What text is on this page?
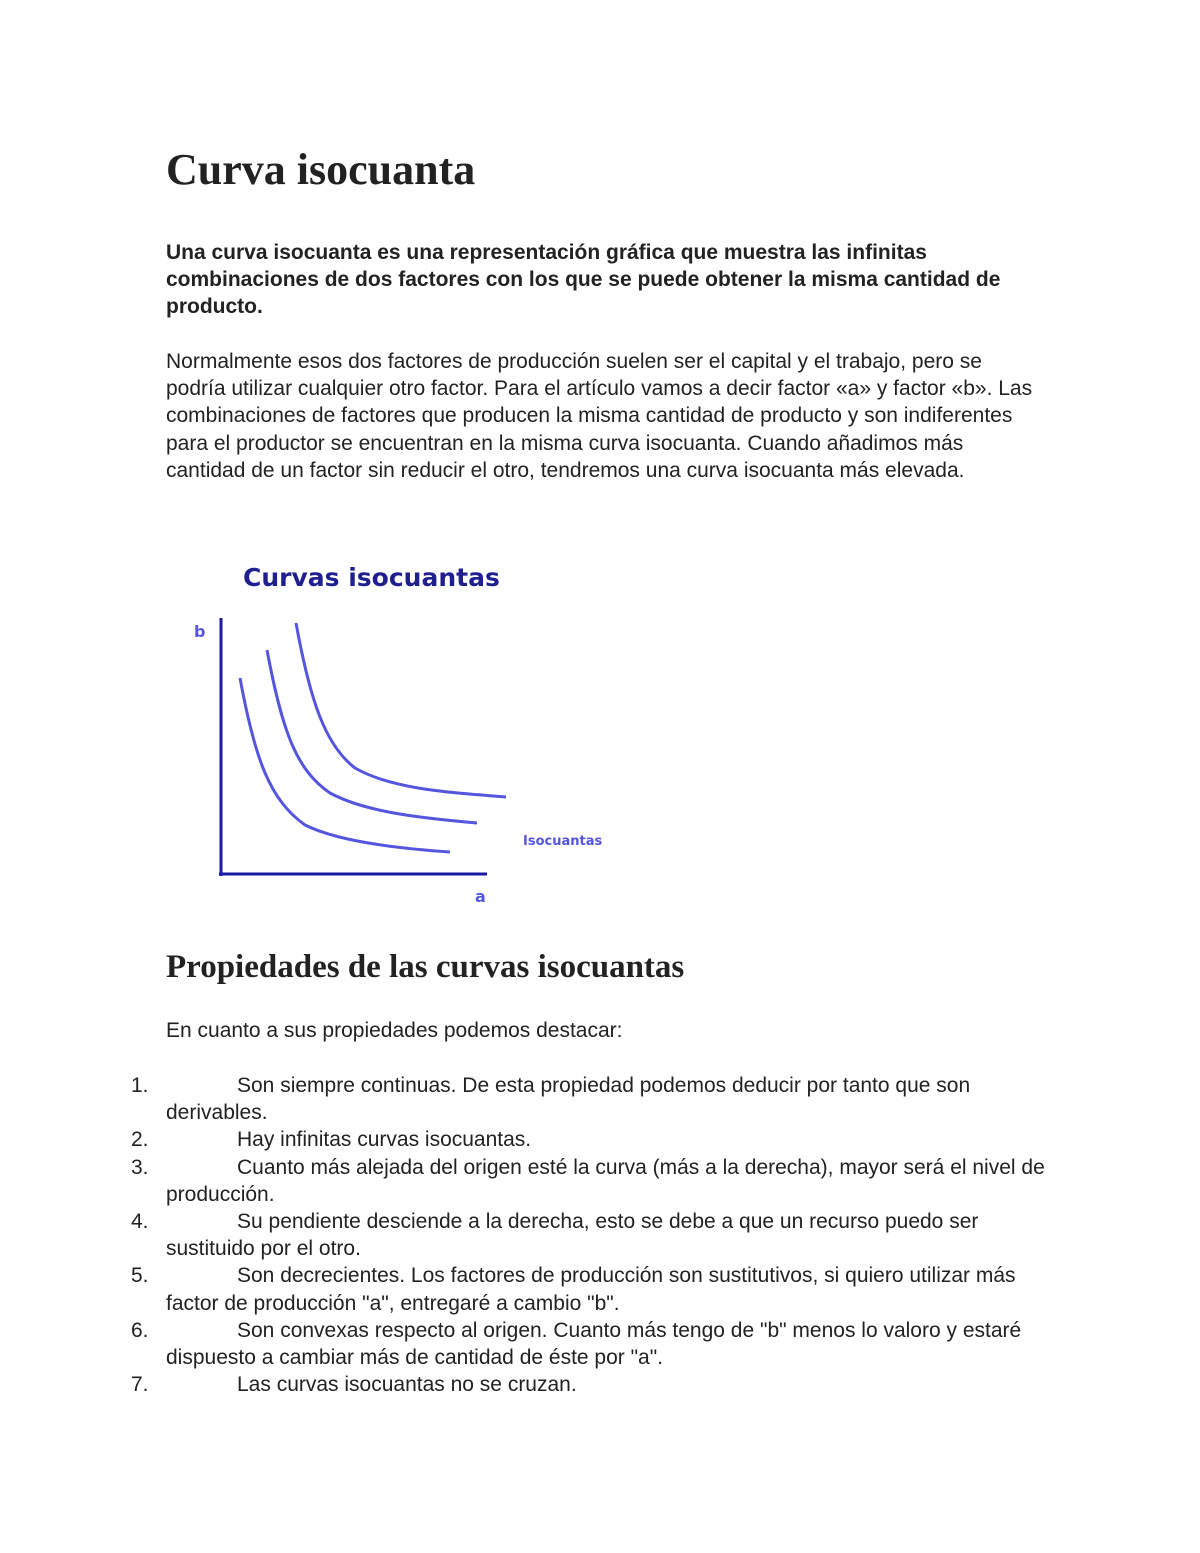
Curva isocuanta

Una curva isocuanta es una representación gráfica que muestra las infinitas combinaciones de dos factores con los que se puede obtener la misma cantidad de producto.

Normalmente esos dos factores de producción suelen ser el capital y el trabajo, pero se podría utilizar cualquier otro factor. Para el artículo vamos a decir factor «a» y factor «b». Las combinaciones de factores que producen la misma cantidad de producto y son indiferentes para el productor se encuentran en la misma curva isocuanta. Cuando añadimos más cantidad de un factor sin reducir el otro, tendremos una curva isocuanta más elevada.

Curvas isocuantas
b
a
Isocuantas
Propiedades de las curvas isocuantas

En cuanto a sus propiedades podemos destacar:

1.	Son siempre continuas. De esta propiedad podemos deducir por tanto que son derivables.
2.	Hay infinitas curvas isocuantas.
3.	Cuanto más alejada del origen esté la curva (más a la derecha), mayor será el nivel de producción.
4.	Su pendiente desciende a la derecha, esto se debe a que un recurso puedo ser sustituido por el otro.
5.	Son decrecientes. Los factores de producción son sustitutivos, si quiero utilizar más factor de producción "a", entregaré a cambio "b".
6.	Son convexas respecto al origen. Cuanto más tengo de "b" menos lo valoro y estaré dispuesto a cambiar más de cantidad de éste por "a".
7.	Las curvas isocuantas no se cruzan.
